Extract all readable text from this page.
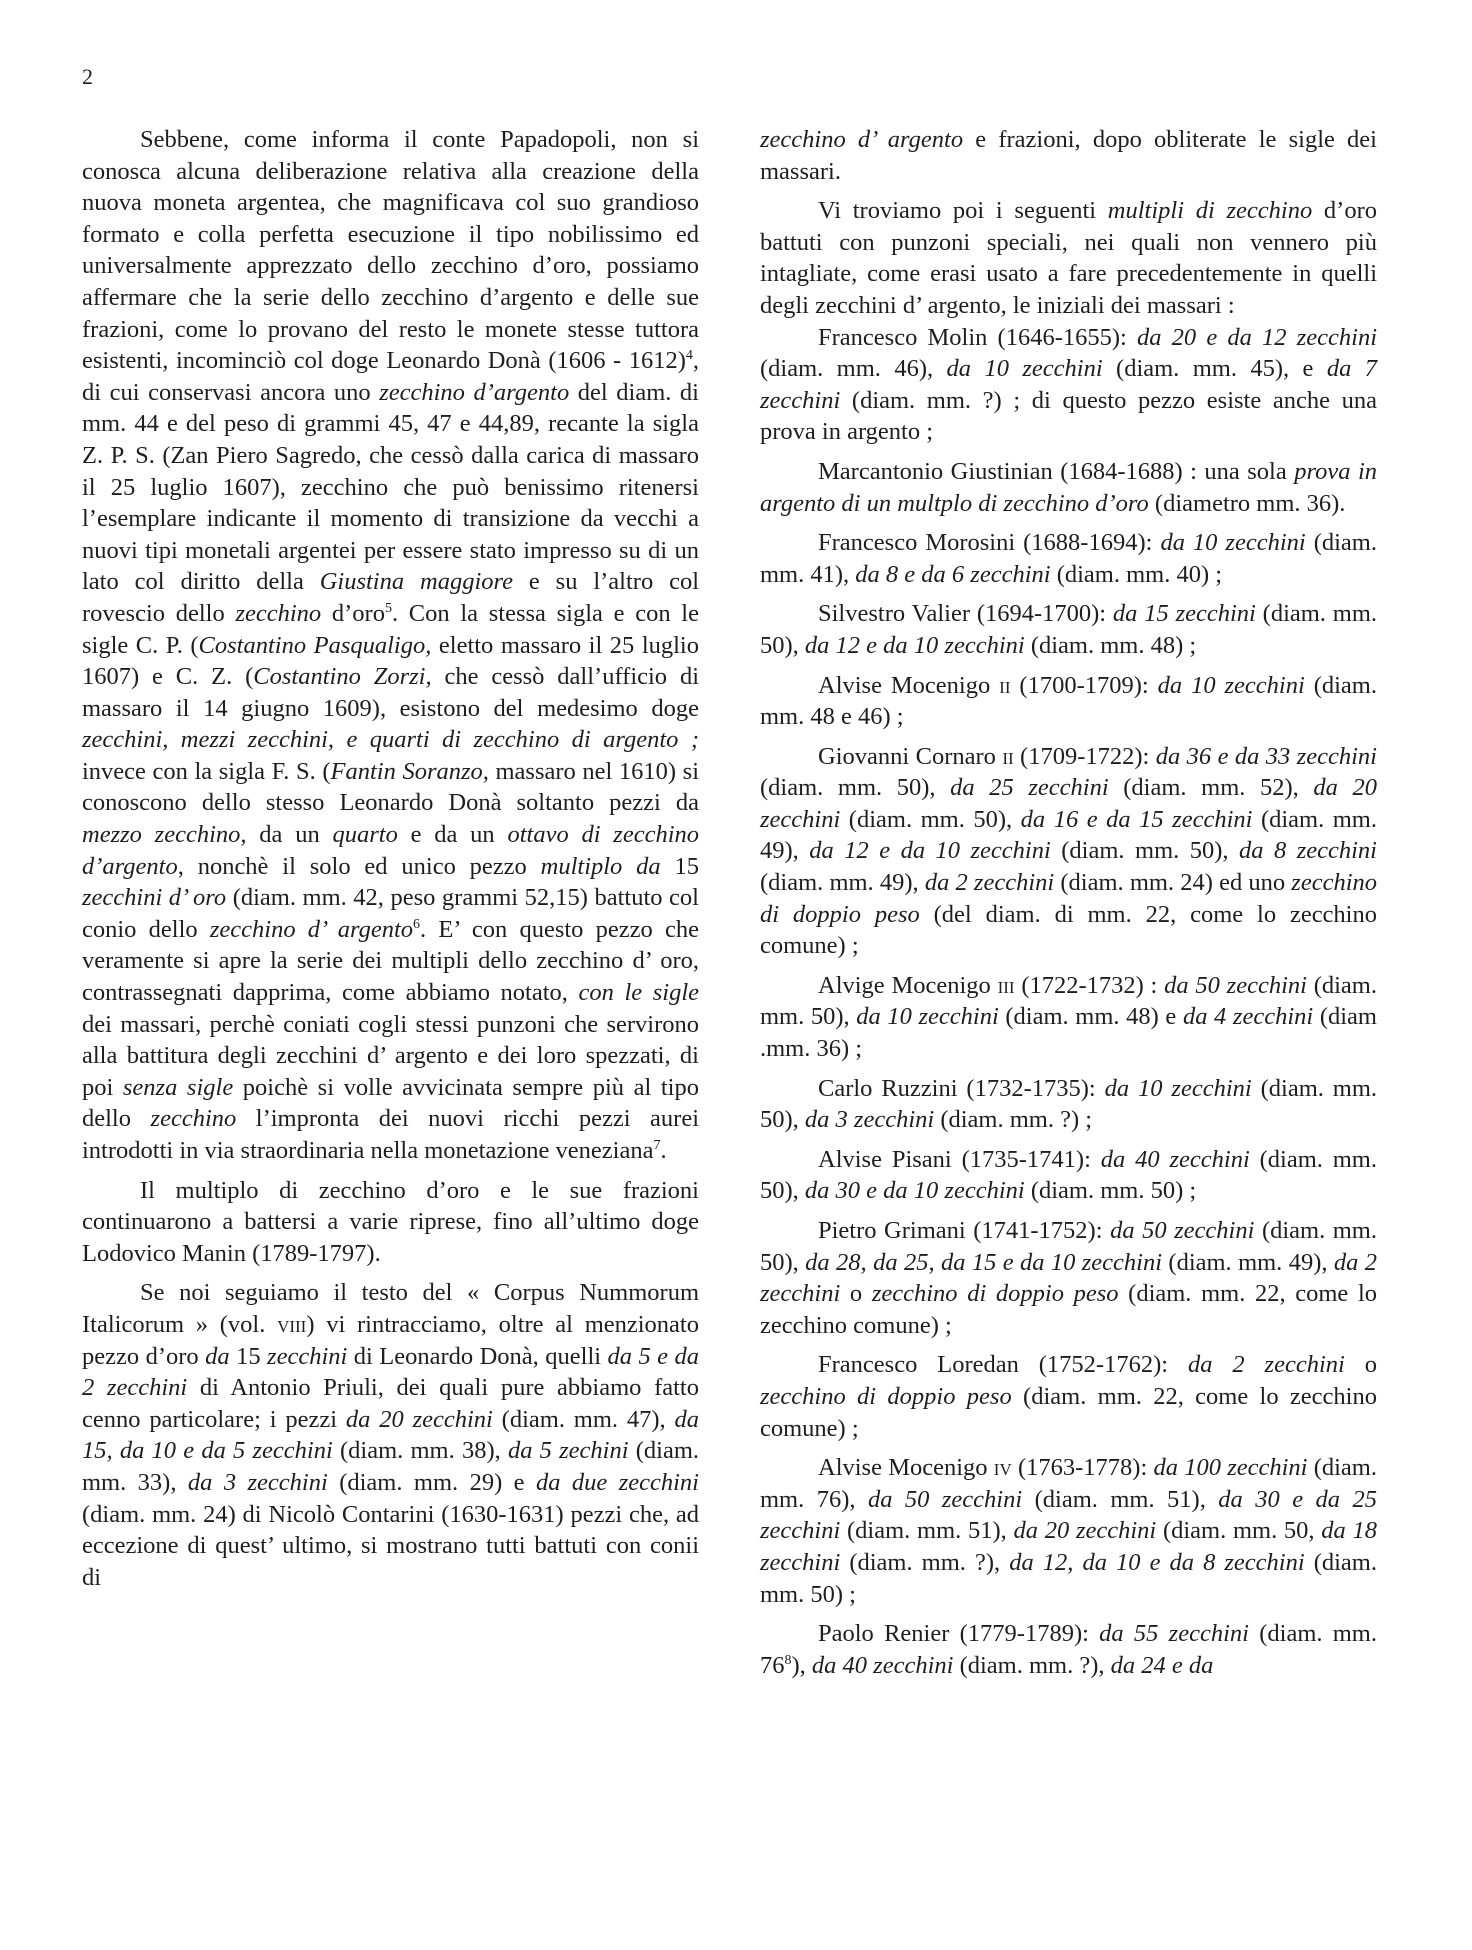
2

Sebbene, come informa il conte Papadopoli, non si conosca alcuna deliberazione relativa alla creazione della nuova moneta argentea, che magnificava col suo grandioso formato e colla perfetta esecuzione il tipo nobilissimo ed universalmente apprezzato dello zecchino d’oro, possiamo affermare che la serie dello zecchino d’argento e delle sue frazioni, come lo provano del resto le monete stesse tuttora esistenti, incominciò col doge Leonardo Donà (1606 - 1612)$^4$, di cui conservasi ancora uno zecchino d’argento del diam. di mm. 44 e del peso di grammi 45, 47 e 44,89, recante la sigla Z. P. S. (Zan Piero Sagredo, che cessò dalla carica di massaro il 25 luglio 1607), zecchino che può benissimo ritenersi l’esemplare indicante il momento di transizione da vecchi a nuovi tipi monetali argentei per essere stato impresso su di un lato col diritto della Giustina maggiore e su l’altro col rovescio dello zecchino d’oro$^5$. Con la stessa sigla e con le sigle C. P. (Costantino Pasqualigo, eletto massaro il 25 luglio 1607) e C. Z. (Costantino Zorzi, che cessò dall’ufficio di massaro il 14 giugno 1609), esistono del medesimo doge zecchini, mezzi zecchini, e quarti di zecchino di argento ; invece con la sigla F. S. (Fantin Soranzo, massaro nel 1610) si conoscono dello stesso Leonardo Donà soltanto pezzi da mezzo zecchino, da un quarto e da un ottavo di zecchino d’argento, nonchè il solo ed unico pezzo multiplo da 15 zecchini d’ oro (diam. mm. 42, peso grammi 52,15) battuto col conio dello zecchino d’ argento$^6$. E’ con questo pezzo che veramente si apre la serie dei multipli dello zecchino d’ oro, contrassegnati dapprima, come abbiamo notato, con le sigle dei massari, perchè coniati cogli stessi punzoni che servirono alla battitura degli zecchini d’ argento e dei loro spezzati, di poi senza sigle poichè si volle avvicinata sempre più al tipo dello zecchino l’impronta dei nuovi ricchi pezzi aurei introdotti in via straordinaria nella monetazione veneziana$^7$.

Il multiplo di zecchino d’oro e le sue frazioni continuarono a battersi a varie riprese, fino all’ultimo doge Lodovico Manin (1789-1797).

Se noi seguiamo il testo del « Corpus Nummorum Italicorum » (vol. viii) vi rintracciamo, oltre al menzionato pezzo d’oro da 15 zecchini di Leonardo Donà, quelli da 5 e da 2 zecchini di Antonio Priuli, dei quali pure abbiamo fatto cenno particolare; i pezzi da 20 zecchini (diam. mm. 47), da 15, da 10 e da 5 zecchini (diam. mm. 38), da 5 zechini (diam. mm. 33), da 3 zecchini (diam. mm. 29) e da due zecchini (diam. mm. 24) di Nicolò Contarini (1630-1631) pezzi che, ad eccezione di quest’ ultimo, si mostrano tutti battuti con conii di

zecchino d’ argento e frazioni, dopo obliterate le sigle dei massari.

Vi troviamo poi i seguenti multipli di zecchino d’oro battuti con punzoni speciali, nei quali non vennero più intagliate, come erasi usato a fare precedentemente in quelli degli zecchini d’ argento, le iniziali dei massari :

Francesco Molin (1646-1655): da 20 e da 12 zecchini (diam. mm. 46), da 10 zecchini (diam. mm. 45), e da 7 zecchini (diam. mm. ?) ; di questo pezzo esiste anche una prova in argento ;

Marcantonio Giustinian (1684-1688) : una sola prova in argento di un multplo di zecchino d’oro (diametro mm. 36).

Francesco Morosini (1688-1694): da 10 zecchini (diam. mm. 41), da 8 e da 6 zecchini (diam. mm. 40) ;

Silvestro Valier (1694-1700): da 15 zecchini (diam. mm. 50), da 12 e da 10 zecchini (diam. mm. 48) ;

Alvise Mocenigo ii (1700-1709): da 10 zecchini (diam. mm. 48 e 46) ;

Giovanni Cornaro ii (1709-1722): da 36 e da 33 zecchini (diam. mm. 50), da 25 zecchini (diam. mm. 52), da 20 zecchini (diam. mm. 50), da 16 e da 15 zecchini (diam. mm. 49), da 12 e da 10 zecchini (diam. mm. 50), da 8 zecchini (diam. mm. 49), da 2 zecchini (diam. mm. 24) ed uno zecchino di doppio peso (del diam. di mm. 22, come lo zecchino comune) ;

Alvige Mocenigo iii (1722-1732) : da 50 zecchini (diam. mm. 50), da 10 zecchini (diam. mm. 48) e da 4 zecchini (diam .mm. 36) ;

Carlo Ruzzini (1732-1735): da 10 zecchini (diam. mm. 50), da 3 zecchini (diam. mm. ?) ;

Alvise Pisani (1735-1741): da 40 zecchini (diam. mm. 50), da 30 e da 10 zecchini (diam. mm. 50) ;

Pietro Grimani (1741-1752): da 50 zecchini (diam. mm. 50), da 28, da 25, da 15 e da 10 zecchini (diam. mm. 49), da 2 zecchini o zecchino di doppio peso (diam. mm. 22, come lo zecchino comune) ;

Francesco Loredan (1752-1762): da 2 zecchini o zecchino di doppio peso (diam. mm. 22, come lo zecchino comune) ;

Alvise Mocenigo iv (1763-1778): da 100 zecchini (diam. mm. 76), da 50 zecchini (diam. mm. 51), da 30 e da 25 zecchini (diam. mm. 51), da 20 zecchini (diam. mm. 50, da 18 zecchini (diam. mm. ?), da 12, da 10 e da 8 zecchini (diam. mm. 50) ;

Paolo Renier (1779-1789): da 55 zecchini (diam. mm. $76^8$), da 40 zecchini (diam. mm. ?), da 24 e da
